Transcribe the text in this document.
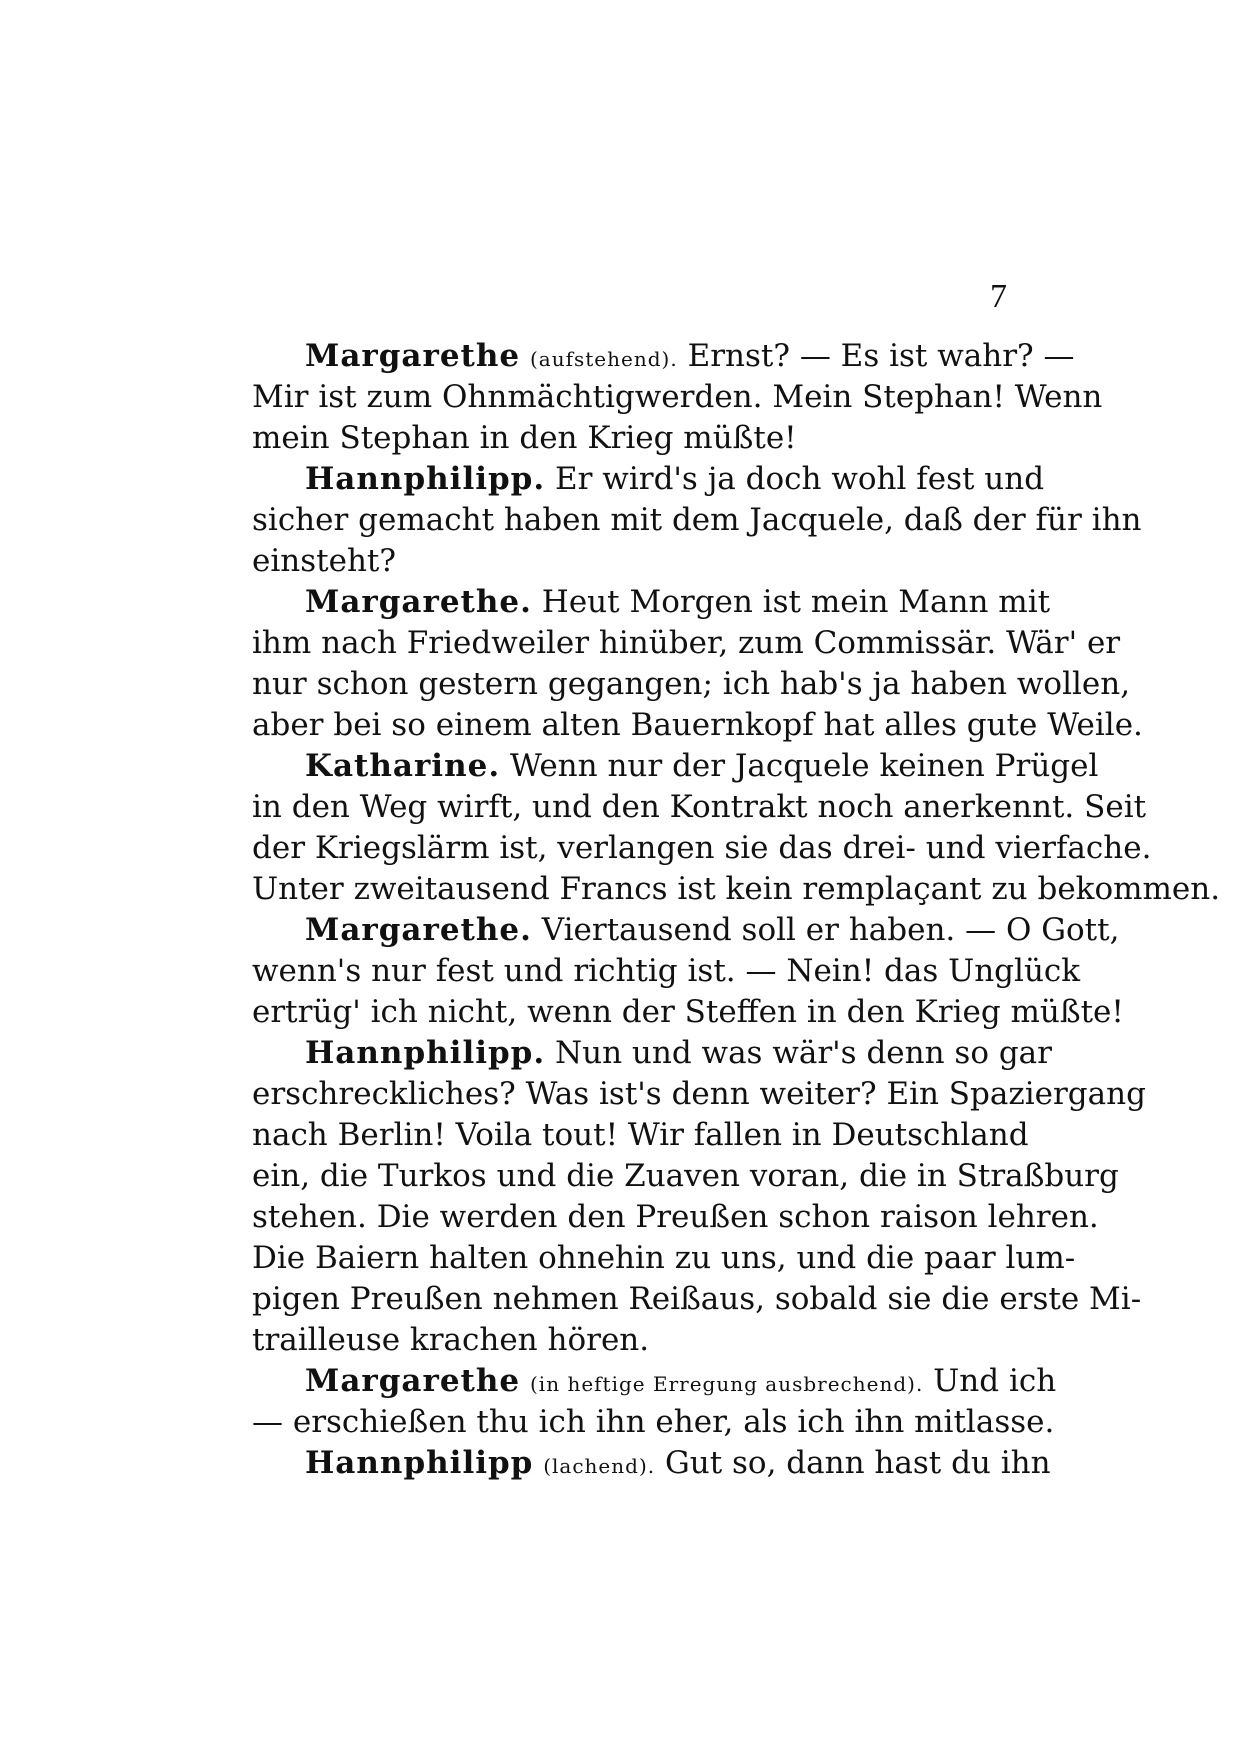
7
Margarethe (aufstehend). Ernst? — Es ist wahr? —
Mir ist zum Ohnmächtigwerden. Mein Stephan! Wenn
mein Stephan in den Krieg müßte!
Hannphilipp. Er wird's ja doch wohl fest und
sicher gemacht haben mit dem Jacquele, daß der für ihn
einsteht?
Margarethe. Heut Morgen ist mein Mann mit
ihm nach Friedweiler hinüber, zum Commissär. Wär' er
nur schon gestern gegangen; ich hab's ja haben wollen,
aber bei so einem alten Bauernkopf hat alles gute Weile.
Katharine. Wenn nur der Jacquele keinen Prügel
in den Weg wirft, und den Kontrakt noch anerkennt. Seit
der Kriegslärm ist, verlangen sie das drei- und vierfache.
Unter zweitausend Francs ist kein remplaçant zu bekommen.
Margarethe. Viertausend soll er haben. — O Gott,
wenn's nur fest und richtig ist. — Nein! das Unglück
ertrüg' ich nicht, wenn der Steffen in den Krieg müßte!
Hannphilipp. Nun und was wär's denn so gar
erschreckliches? Was ist's denn weiter? Ein Spaziergang
nach Berlin! Voila tout! Wir fallen in Deutschland
ein, die Turkos und die Zuaven voran, die in Straßburg
stehen. Die werden den Preußen schon raison lehren.
Die Baiern halten ohnehin zu uns, und die paar lum-
pigen Preußen nehmen Reißaus, sobald sie die erste Mi-
trailleuse krachen hören.
Margarethe (in heftige Erregung ausbrechend). Und ich
— erschießen thu ich ihn eher, als ich ihn mitlasse.
Hannphilipp (lachend). Gut so, dann hast du ihn
